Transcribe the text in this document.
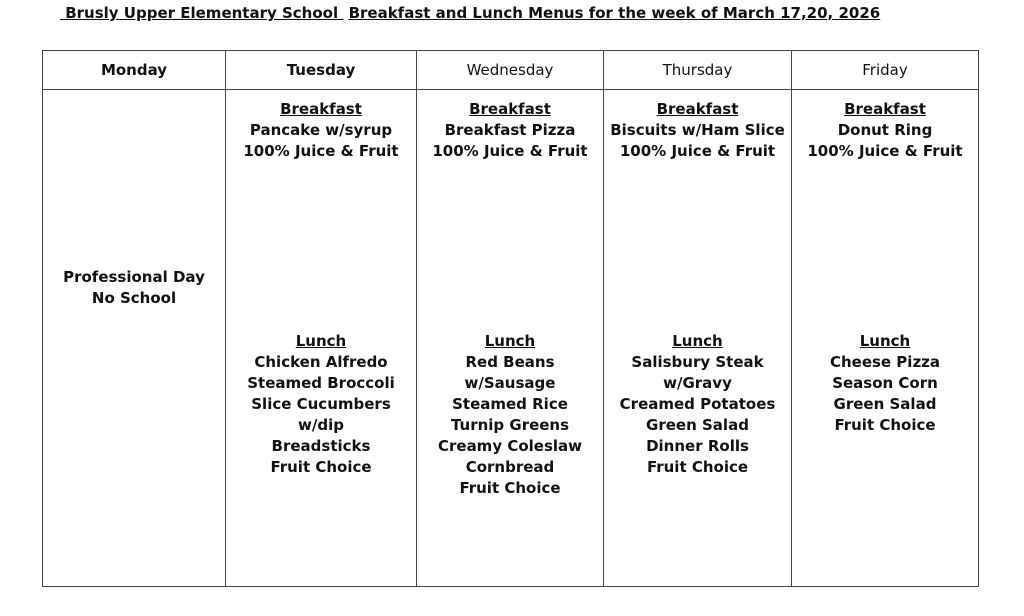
Brusly Upper Elementary School  Breakfast and Lunch Menus for the week of March 17,20, 2026
Monday	Tuesday	Wednesday	Thursday	Friday

Professional Day
No School

Breakfast
Pancake w/syrup
100% Juice & Fruit
Lunch
Chicken Alfredo
Steamed Broccoli
Slice Cucumbers
w/dip
Breadsticks
Fruit Choice

Breakfast
Breakfast Pizza
100% Juice & Fruit
Lunch
Red Beans
w/Sausage
Steamed Rice
Turnip Greens
Creamy Coleslaw
Cornbread
Fruit Choice

Breakfast
Biscuits w/Ham Slice
100% Juice & Fruit
Lunch
Salisbury Steak
w/Gravy
Creamed Potatoes
Green Salad
Dinner Rolls
Fruit Choice

Breakfast
Donut Ring
100% Juice & Fruit
Lunch
Cheese Pizza
Season Corn
Green Salad
Fruit Choice
